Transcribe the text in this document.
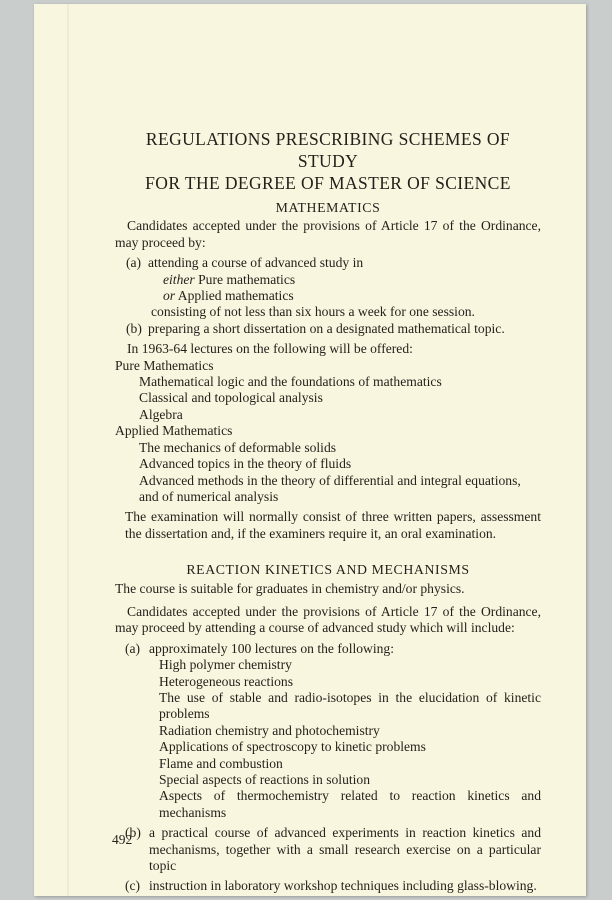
REGULATIONS PRESCRIBING SCHEMES OF STUDY
FOR THE DEGREE OF MASTER OF SCIENCE
MATHEMATICS

Candidates accepted under the provisions of Article 17 of the Ordinance, may proceed by:

(a) attending a course of advanced study in
either Pure mathematics
or Applied mathematics
consisting of not less than six hours a week for one session.
(b) preparing a short dissertation on a designated mathematical topic.

In 1963-64 lectures on the following will be offered:

Pure Mathematics
Mathematical logic and the foundations of mathematics
Classical and topological analysis
Algebra
Applied Mathematics
The mechanics of deformable solids
Advanced topics in the theory of fluids
Advanced methods in the theory of differential and integral equations, and of numerical analysis

The examination will normally consist of three written papers, assessment the dissertation and, if the examiners require it, an oral examination.

REACTION KINETICS AND MECHANISMS

The course is suitable for graduates in chemistry and/or physics.

Candidates accepted under the provisions of Article 17 of the Ordinance, may proceed by attending a course of advanced study which will include:

(a) approximately 100 lectures on the following:
High polymer chemistry
Heterogeneous reactions
The use of stable and radio-isotopes in the elucidation of kinetic problems
Radiation chemistry and photochemistry
Applications of spectroscopy to kinetic problems
Flame and combustion
Special aspects of reactions in solution
Aspects of thermochemistry related to reaction kinetics and mechanisms
(b) a practical course of advanced experiments in reaction kinetics and mechanisms, together with a small research exercise on a particular topic
(c) instruction in laboratory workshop techniques including glass-blowing.
492
